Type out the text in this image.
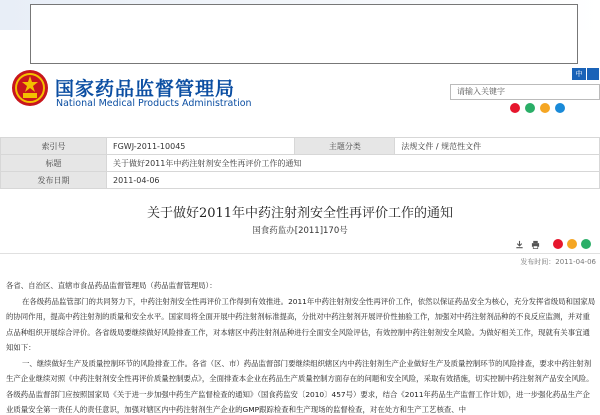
国家药品监督管理局
National Medical Products Administration
中
请输入关键字
索引号	FGWJ-2011-10045	主题分类	法规文件 / 规范性文件
标题	关于做好2011年中药注射剂安全性再评价工作的通知		
发布日期	2011-04-06		
关于做好2011年中药注射剂安全性再评价工作的通知
国食药监办[2011]170号
发布时间：2011-04-06

各省、自治区、直辖市食品药品监督管理局（药品监督管理局）：

在各级药品监管部门的共同努力下，中药注射剂安全性再评价工作得到有效推进。2011年中药注射剂安全性再评价工作，依然以保证药品安全为核心，充分发挥省级局和国家局的协同作用，提高中药注射剂的质量和安全水平。国家局将全面开展中药注射剂标准提高，分批对中药注射剂开展评价性抽验工作，加强对中药注射剂品种的不良反应监测，并对重点品种组织开展综合评价。各省级局要继续做好风险排查工作，对本辖区中药注射剂品种进行全面安全风险评估，有效控制中药注射剂安全风险。为做好相关工作，现就有关事宜通知如下：

一、继续做好生产及质量控制环节的风险排查工作。各省（区、市）药品监督部门要继续组织辖区内中药注射剂生产企业做好生产及质量控制环节的风险排查，要求中药注射剂生产企业继续对照《中药注射剂安全性再评价质量控制要点》，全面排查本企业在药品生产质量控制方面存在的问题和安全风险，采取有效措施，切实控制中药注射剂产品安全风险。各级药品监督部门应按照国家局《关于进一步加强中药生产监督检查的通知》（国食药监安〔2010〕457号）要求，结合《2011年药品生产监督工作计划》，进一步强化药品生产企业质量安全第一责任人的责任意识，加强对辖区内中药注射剂生产企业的GMP跟踪检查和生产现场的监督检查，对在处方和生产工艺核查、中
